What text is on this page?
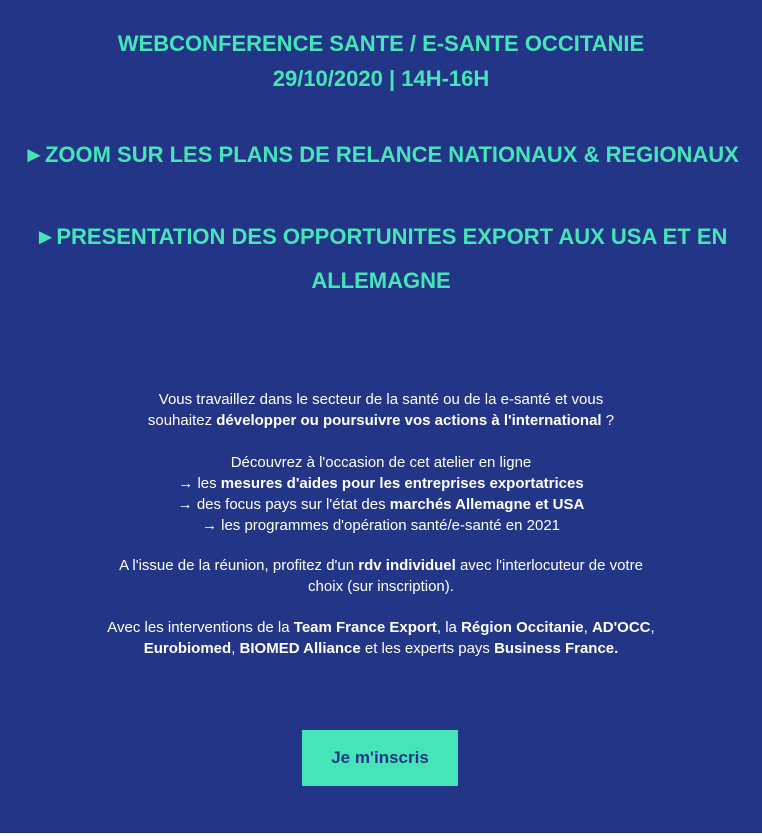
WEBCONFERENCE SANTE / E-SANTE OCCITANIE
29/10/2020 | 14H-16H
►ZOOM SUR LES PLANS DE RELANCE NATIONAUX & REGIONAUX
►PRESENTATION DES OPPORTUNITES EXPORT AUX USA ET EN
ALLEMAGNE
Vous travaillez dans le secteur de la santé ou de la e-santé et vous
souhaitez développer ou poursuivre vos actions à l'international ?
Découvrez à l'occasion de cet atelier en ligne
→ les mesures d'aides pour les entreprises exportatrices
→ des focus pays sur l'état des marchés Allemagne et USA
→ les programmes d'opération santé/e-santé en 2021
A l'issue de la réunion, profitez d'un rdv individuel avec l'interlocuteur de votre
choix (sur inscription).
Avec les interventions de la Team France Export, la Région Occitanie, AD'OCC,
Eurobiomed, BIOMED Alliance et les experts pays Business France.
Je m'inscris
